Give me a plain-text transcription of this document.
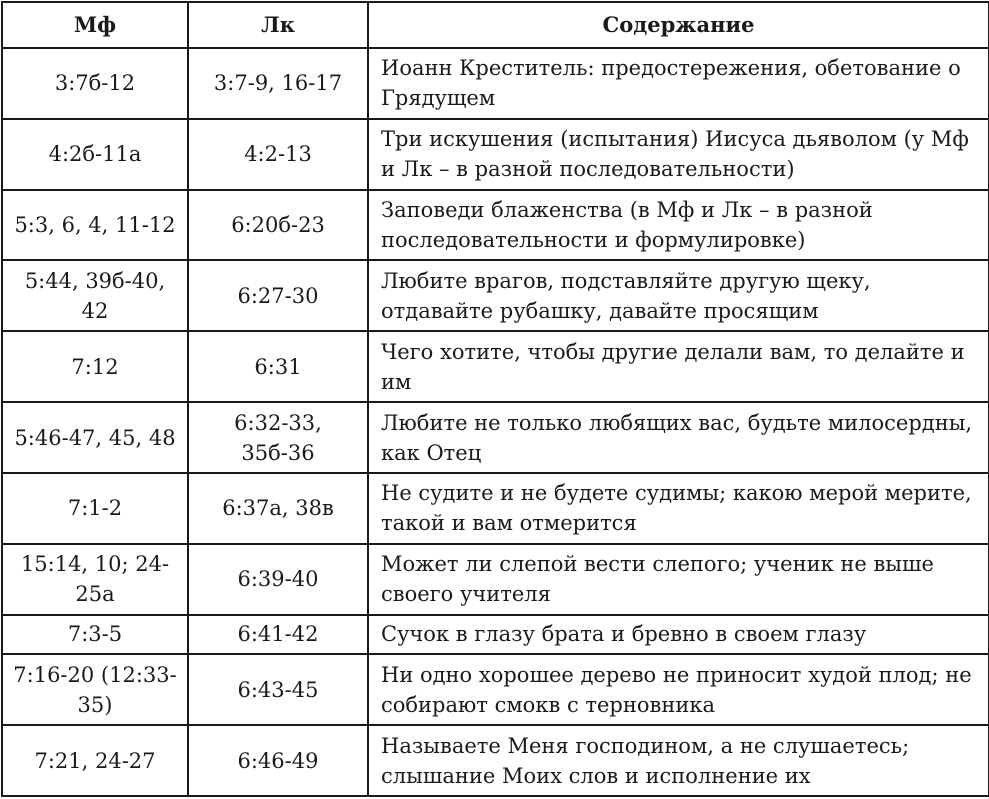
Мф	Лк	Содержание
3:7б-12	3:7-9, 16-17	Иоанн Креститель: предостережения, обетование о Грядущем
4:2б-11а	4:2-13	Три искушения (испытания) Иисуса дьяволом (у Мф и Лк – в разной последовательности)
5:3, 6, 4, 11-12	6:20б-23	Заповеди блаженства (в Мф и Лк – в разной последовательности и формулировке)
5:44, 39б-40, 42	6:27-30	Любите врагов, подставляйте другую щеку, отдавайте рубашку, давайте просящим
7:12	6:31	Чего хотите, чтобы другие делали вам, то делайте и им
5:46-47, 45, 48	6:32-33, 35б-36	Любите не только любящих вас, будьте милосердны, как Отец
7:1-2	6:37а, 38в	Не судите и не будете судимы; какою мерой мерите, такой и вам отмерится
15:14, 10; 24-25а	6:39-40	Может ли слепой вести слепого; ученик не выше своего учителя
7:3-5	6:41-42	Сучок в глазу брата и бревно в своем глазу
7:16-20 (12:33-35)	6:43-45	Ни одно хорошее дерево не приносит худой плод; не собирают смокв с терновника
7:21, 24-27	6:46-49	Называете Меня господином, а не слушаетесь; слышание Моих слов и исполнение их
